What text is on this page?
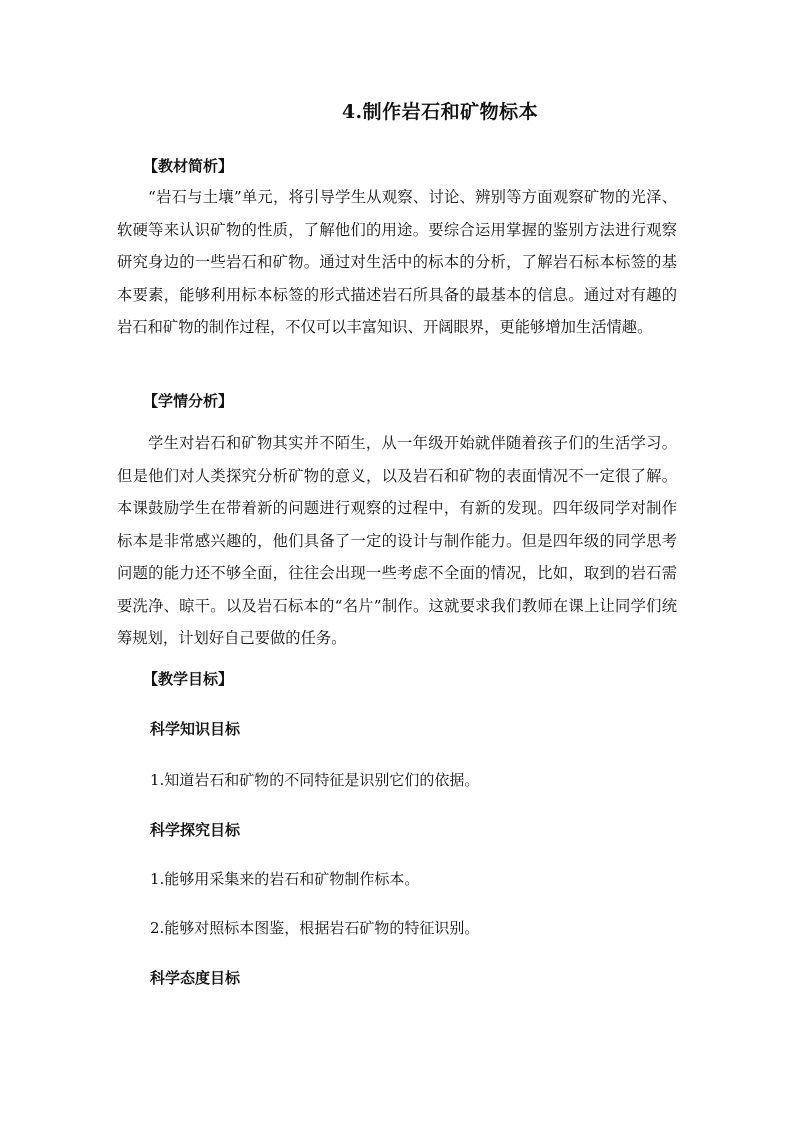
4.制作岩石和矿物标本
【教材简析】

“岩石与土壤”单元，将引导学生从观察、讨论、辨别等方面观察矿物的光泽、软硬等来认识矿物的性质，了解他们的用途。要综合运用掌握的鉴别方法进行观察研究身边的一些岩石和矿物。通过对生活中的标本的分析，了解岩石标本标签的基本要素，能够利用标本标签的形式描述岩石所具备的最基本的信息。通过对有趣的岩石和矿物的制作过程，不仅可以丰富知识、开阔眼界，更能够增加生活情趣。

【学情分析】

学生对岩石和矿物其实并不陌生，从一年级开始就伴随着孩子们的生活学习。但是他们对人类探究分析矿物的意义，以及岩石和矿物的表面情况不一定很了解。本课鼓励学生在带着新的问题进行观察的过程中，有新的发现。四年级同学对制作标本是非常感兴趣的，他们具备了一定的设计与制作能力。但是四年级的同学思考问题的能力还不够全面，往往会出现一些考虑不全面的情况，比如，取到的岩石需要洗净、晾干。以及岩石标本的“名片”制作。这就要求我们教师在课上让同学们统筹规划，计划好自己要做的任务。

【教学目标】
科学知识目标
1.知道岩石和矿物的不同特征是识别它们的依据。
科学探究目标
1.能够用采集来的岩石和矿物制作标本。
2.能够对照标本图鉴，根据岩石矿物的特征识别。
科学态度目标
